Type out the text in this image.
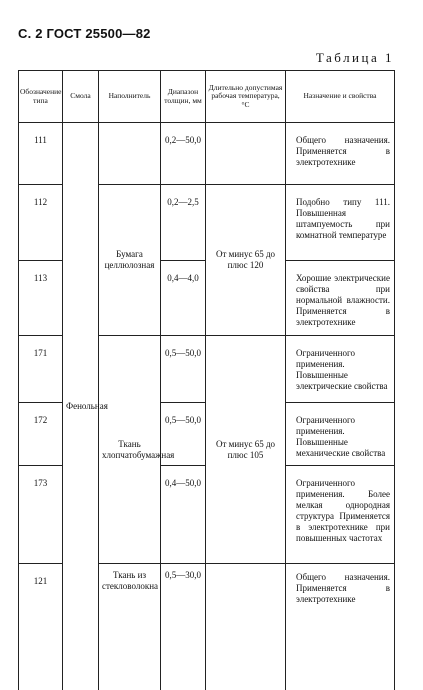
С. 2 ГОСТ 25500—82
Таблица 1
Обозначение типа	Смола	Наполнитель	Диапазон толщин, мм	Длительно допустимая рабочая температура, °С	Назначение и свойства
111	Фенольная		0,2—50,0		Общего назначения. Применяется в электротехнике
112		Бумага целлюлозная	0,2—2,5	От минус 65 до плюс 120	Подобно типу 111. Повышенная штампуемость при комнатной температуре
113			0,4—4,0		Хорошие электрические свойства при нормальной влажности. Применяется в электротехнике
171		Ткань хлопчатобумажная	0,5—50,0	От минус 65 до плюс 105	Ограниченного применения. Повышенные электрические свойства
172			0,5—50,0		Ограниченного применения. Повышенные механические свойства
173			0,4—50,0		Ограниченного применения. Более мелкая однородная структура Применяется в электротехнике при повышенных частотах
121		Ткань из стекловолокна	0,5—30,0		Общего назначения. Применяется в электротехнике
